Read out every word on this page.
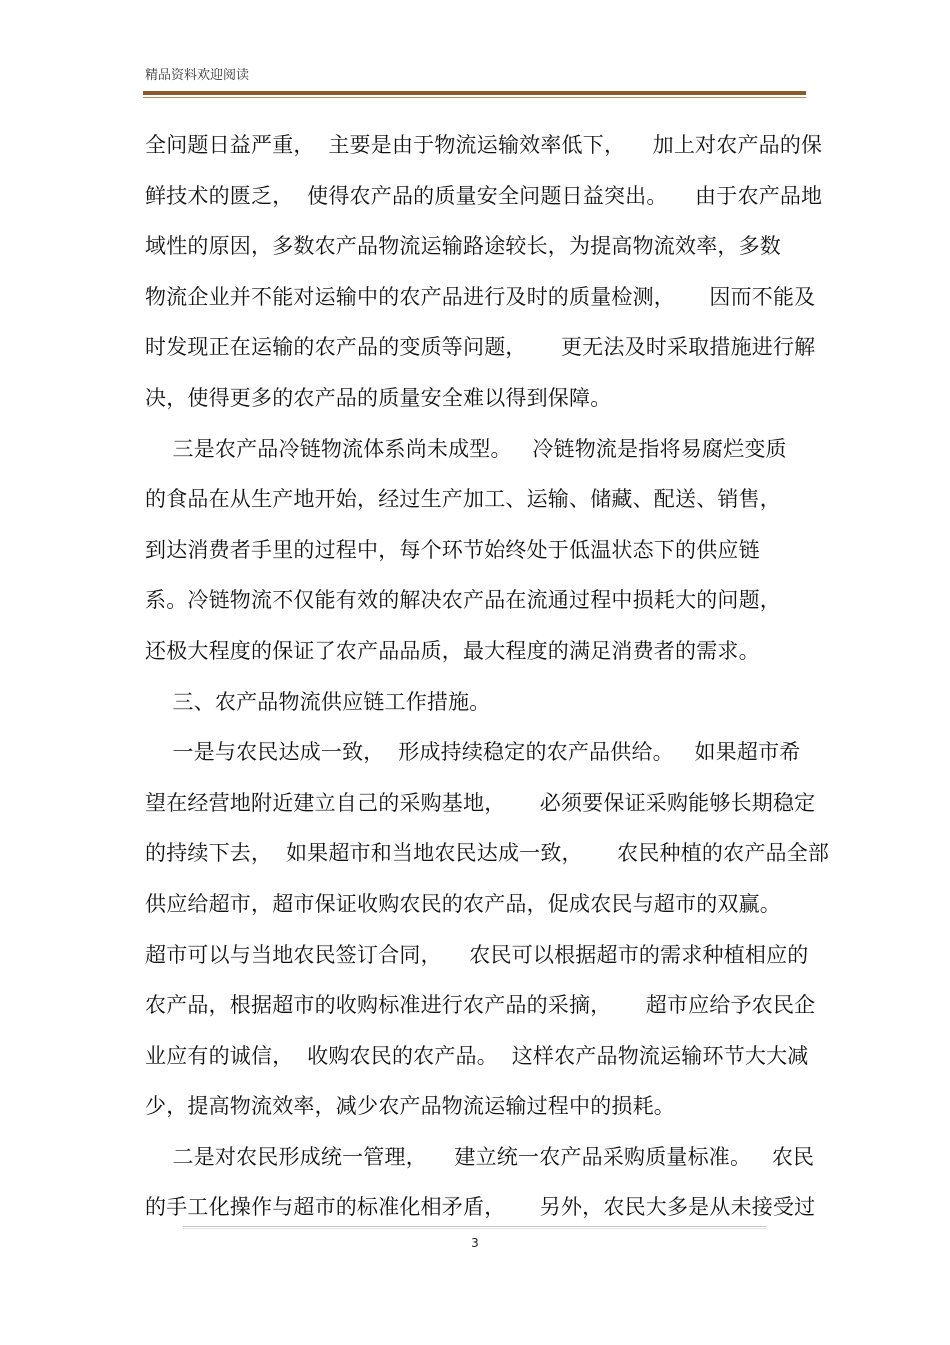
精品资料欢迎阅读
全问题日益严重，  主要是由于物流运输效率低下，    加上对农产品的保
鲜技术的匮乏，  使得农产品的质量安全问题日益突出。    由于农产品地
域性的原因，多数农产品物流运输路途较长，为提高物流效率，多数
物流企业并不能对运输中的农产品进行及时的质量检测，     因而不能及
时发现正在运输的农产品的变质等问题，     更无法及时采取措施进行解
决，使得更多的农产品的质量安全难以得到保障。
三是农产品冷链物流体系尚未成型。   冷链物流是指将易腐烂变质
的食品在从生产地开始，经过生产加工、运输、储藏、配送、销售，
到达消费者手里的过程中，每个环节始终处于低温状态下的供应链
系。冷链物流不仅能有效的解决农产品在流通过程中损耗大的问题，
还极大程度的保证了农产品品质，最大程度的满足消费者的需求。
三、农产品物流供应链工作措施。
一是与农民达成一致，  形成持续稳定的农产品供给。   如果超市希
望在经营地附近建立自己的采购基地，     必须要保证采购能够长期稳定
的持续下去，  如果超市和当地农民达成一致，     农民种植的农产品全部
供应给超市，超市保证收购农民的农产品，促成农民与超市的双赢。
超市可以与当地农民签订合同，    农民可以根据超市的需求种植相应的
农产品，根据超市的收购标准进行农产品的采摘，     超市应给予农民企
业应有的诚信，  收购农民的农产品。  这样农产品物流运输环节大大减
少，提高物流效率，减少农产品物流运输过程中的损耗。
二是对农民形成统一管理，    建立统一农产品采购质量标准。   农民
的手工化操作与超市的标准化相矛盾，     另外，农民大多是从未接受过
3
